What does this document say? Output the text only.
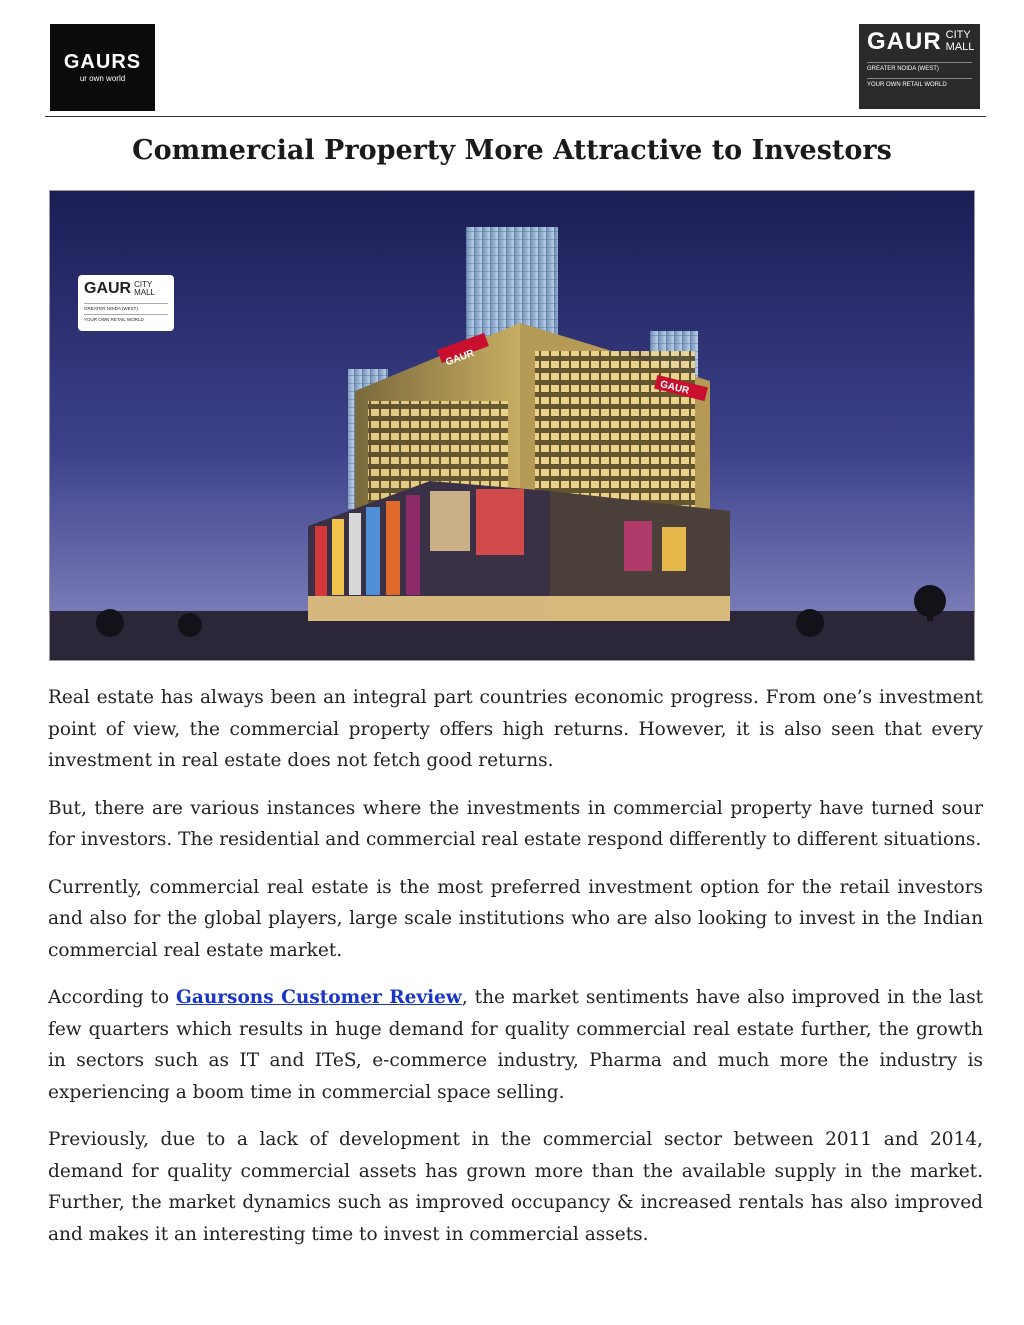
GAURS
ur own world
GAUR CITY
MALL
GREATER NOIDA (WEST)
YOUR OWN RETAIL WORLD
Commercial Property More Attractive to Investors
GAUR
GAUR
GAUR CITY
MALL
GREATER NOIDA (WEST)
YOUR OWN RETAIL WORLD

Real estate has always been an integral part countries economic progress. From one’s investment point of view, the commercial property offers high returns. However, it is also seen that every investment in real estate does not fetch good returns.

But, there are various instances where the investments in commercial property have turned sour for investors. The residential and commercial real estate respond differently to different situations.

Currently, commercial real estate is the most preferred investment option for the retail investors and also for the global players, large scale institutions who are also looking to invest in the Indian commercial real estate market.

According to Gaursons Customer Review, the market sentiments have also improved in the last few quarters which results in huge demand for quality commercial real estate further, the growth in sectors such as IT and ITeS, e-commerce industry, Pharma and much more the industry is experiencing a boom time in commercial space selling.

Previously, due to a lack of development in the commercial sector between 2011 and 2014, demand for quality commercial assets has grown more than the available supply in the market. Further, the market dynamics such as improved occupancy & increased rentals has also improved and makes it an interesting time to invest in commercial assets.
